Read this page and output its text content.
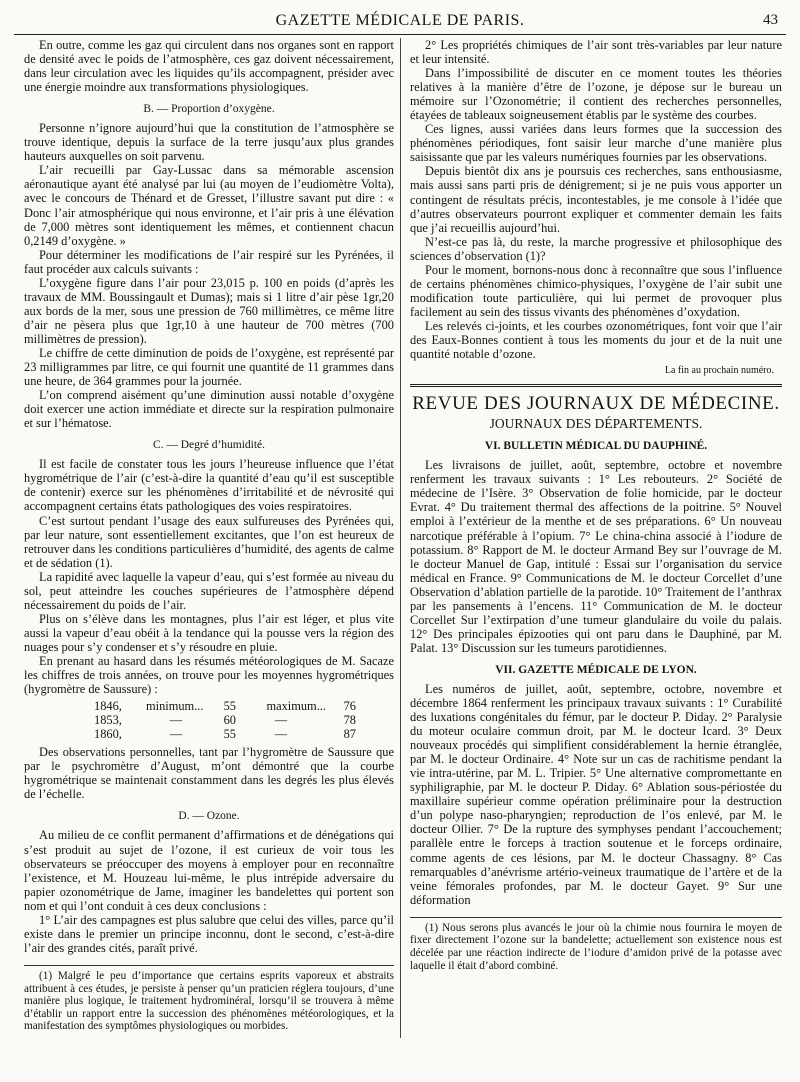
GAZETTE MÉDICALE DE PARIS.	43

En outre, comme les gaz qui circulent dans nos organes sont en rapport de densité avec le poids de l’atmosphère, ces gaz doivent nécessairement, dans leur circulation avec les liquides qu’ils accompagnent, présider avec une énergie moindre aux transformations physiologiques.

B. — Proportion d’oxygène.

Personne n’ignore aujourd’hui que la constitution de l’atmosphère se trouve identique, depuis la surface de la terre jusqu’aux plus grandes hauteurs auxquelles on soit parvenu.

L’air recueilli par Gay-Lussac dans sa mémorable ascension aéronautique ayant été analysé par lui (au moyen de l’eudiomètre Volta), avec le concours de Thénard et de Gresset, l’illustre savant put dire : « Donc l’air atmosphérique qui nous environne, et l’air pris à une élévation de 7,000 mètres sont identiquement les mêmes, et contiennent chacun 0,2149 d’oxygène. »

Pour déterminer les modifications de l’air respiré sur les Pyrénées, il faut procéder aux calculs suivants :

L’oxygène figure dans l’air pour 23,015 p. 100 en poids (d’après les travaux de MM. Boussingault et Dumas); mais si 1 litre d’air pèse 1gr,20 aux bords de la mer, sous une pression de 760 millimètres, ce même litre d’air ne pèsera plus que 1gr,10 à une hauteur de 700 mètres (700 millimètres de pression).

Le chiffre de cette diminution de poids de l’oxygène, est représenté par 23 milligrammes par litre, ce qui fournit une quantité de 11 grammes dans une heure, de 364 grammes pour la journée.

L’on comprend aisément qu’une diminution aussi notable d’oxygène doit exercer une action immédiate et directe sur la respiration pulmonaire et sur l’hématose.

C. — Degré d’humidité.

Il est facile de constater tous les jours l’heureuse influence que l’état hygrométrique de l’air (c’est-à-dire la quantité d’eau qu’il est susceptible de contenir) exerce sur les phénomènes d’irritabilité et de névrosité qui accompagnent certains états pathologiques des voies respiratoires.

C’est surtout pendant l’usage des eaux sulfureuses des Pyrénées qui, par leur nature, sont essentiellement excitantes, que l’on est heureux de retrouver dans les conditions particulières d’humidité, des agents de calme et de sédation (1).

La rapidité avec laquelle la vapeur d’eau, qui s’est formée au niveau du sol, peut atteindre les couches supérieures de l’atmosphère dépend nécessairement du poids de l’air.

Plus on s’élève dans les montagnes, plus l’air est léger, et plus vite aussi la vapeur d’eau obéit à la tendance qui la pousse vers la région des nuages pour s’y condenser et s’y résoudre en pluie.

En prenant au hasard dans les résumés météorologiques de M. Sacaze les chiffres de trois années, on trouve pour les moyennes hygrométriques (hygromètre de Saussure) :

1846,	minimum...	55	maximum...	76
1853,	—	60	—	78
1860,	—	55	—	87

Des observations personnelles, tant par l’hygromètre de Saussure que par le psychromètre d’August, m’ont démontré que la courbe hygrométrique se maintenait constamment dans les degrés les plus élevés de l’échelle.

D. — Ozone.

Au milieu de ce conflit permanent d’affirmations et de dénégations qui s’est produit au sujet de l’ozone, il est curieux de voir tous les observateurs se préoccuper des moyens à employer pour en reconnaître l’existence, et M. Houzeau lui-même, le plus intrépide adversaire du papier ozonométrique de Jame, imaginer les bandelettes qui portent son nom et qui l’ont conduit à ces deux conclusions :

1° L’air des campagnes est plus salubre que celui des villes, parce qu’il existe dans le premier un principe inconnu, dont le second, c’est-à-dire l’air des grandes cités, paraît privé.

(1) Malgré le peu d’importance que certains esprits vaporeux et abstraits attribuent à ces études, je persiste à penser qu’un praticien réglera toujours, d’une manière plus logique, le traitement hydrominéral, lorsqu’il se trouvera à même d’établir un rapport entre la succession des phénomènes météorologiques, et la manifestation des symptômes physiologiques ou morbides.

2° Les propriétés chimiques de l’air sont très-variables par leur nature et leur intensité.

Dans l’impossibilité de discuter en ce moment toutes les théories relatives à la manière d’être de l’ozone, je dépose sur le bureau un mémoire sur l’Ozonométrie; il contient des recherches personnelles, étayées de tableaux soigneusement établis par le système des courbes.

Ces lignes, aussi variées dans leurs formes que la succession des phénomènes périodiques, font saisir leur marche d’une manière plus saisissante que par les valeurs numériques fournies par les observations.

Depuis bientôt dix ans je poursuis ces recherches, sans enthousiasme, mais aussi sans parti pris de dénigrement; si je ne puis vous apporter un contingent de résultats précis, incontestables, je me console à l’idée que d’autres observateurs pourront expliquer et commenter demain les faits que j’ai recueillis aujourd’hui.

N’est-ce pas là, du reste, la marche progressive et philosophique des sciences d’observation (1)?

Pour le moment, bornons-nous donc à reconnaître que sous l’influence de certains phénomènes chimico-physiques, l’oxygène de l’air subit une modification toute particulière, qui lui permet de provoquer plus facilement au sein des tissus vivants des phénomènes d’oxydation.

Les relevés ci-joints, et les courbes ozonométriques, font voir que l’air des Eaux-Bonnes contient à tous les moments du jour et de la nuit une quantité notable d’ozone.

La fin au prochain numéro.
REVUE DES JOURNAUX DE MÉDECINE.
JOURNAUX DES DÉPARTEMENTS.
VI. BULLETIN MÉDICAL DU DAUPHINÉ.

Les livraisons de juillet, août, septembre, octobre et novembre renferment les travaux suivants : 1° Les rebouteurs. 2° Société de médecine de l’Isère. 3° Observation de folie homicide, par le docteur Evrat. 4° Du traitement thermal des affections de la poitrine. 5° Nouvel emploi à l’extérieur de la menthe et de ses préparations. 6° Un nouveau narcotique préférable à l’opium. 7° Le china-china associé à l’iodure de potassium. 8° Rapport de M. le docteur Armand Bey sur l’ouvrage de M. le docteur Manuel de Gap, intitulé : Essai sur l’organisation du service médical en France. 9° Communications de M. le docteur Corcellet d’une Observation d’ablation partielle de la parotide. 10° Traitement de l’anthrax par les pansements à l’encens. 11° Communication de M. le docteur Corcellet Sur l’extirpation d’une tumeur glandulaire du voile du palais. 12° Des principales épizooties qui ont paru dans le Dauphiné, par M. Palat. 13° Discussion sur les tumeurs parotidiennes.

VII. GAZETTE MÉDICALE DE LYON.

Les numéros de juillet, août, septembre, octobre, novembre et décembre 1864 renferment les principaux travaux suivants : 1° Curabilité des luxations congénitales du fémur, par le docteur P. Diday. 2° Paralysie du moteur oculaire commun droit, par M. le docteur Icard. 3° Deux nouveaux procédés qui simplifient considérablement la hernie étranglée, par M. le docteur Ordinaire. 4° Note sur un cas de rachitisme pendant la vie intra-utérine, par M. L. Tripier. 5° Une alternative compromettante en syphiligraphie, par M. le docteur P. Diday. 6° Ablation sous-périostée du maxillaire supérieur comme opération préliminaire pour la destruction d’un polype naso-pharyngien; reproduction de l’os enlevé, par M. le docteur Ollier. 7° De la rupture des symphyses pendant l’accouchement; parallèle entre le forceps à traction soutenue et le forceps ordinaire, comme agents de ces lésions, par M. le docteur Chassagny. 8° Cas remarquables d’anévrisme artério-veineux traumatique de l’artère et de la veine fémorales profondes, par M. le docteur Gayet. 9° Sur une déformation

(1) Nous serons plus avancés le jour où la chimie nous fournira le moyen de fixer directement l’ozone sur la bandelette; actuellement son existence nous est décelée par une réaction indirecte de l’iodure d’amidon privé de la potasse avec laquelle il était d’abord combiné.
